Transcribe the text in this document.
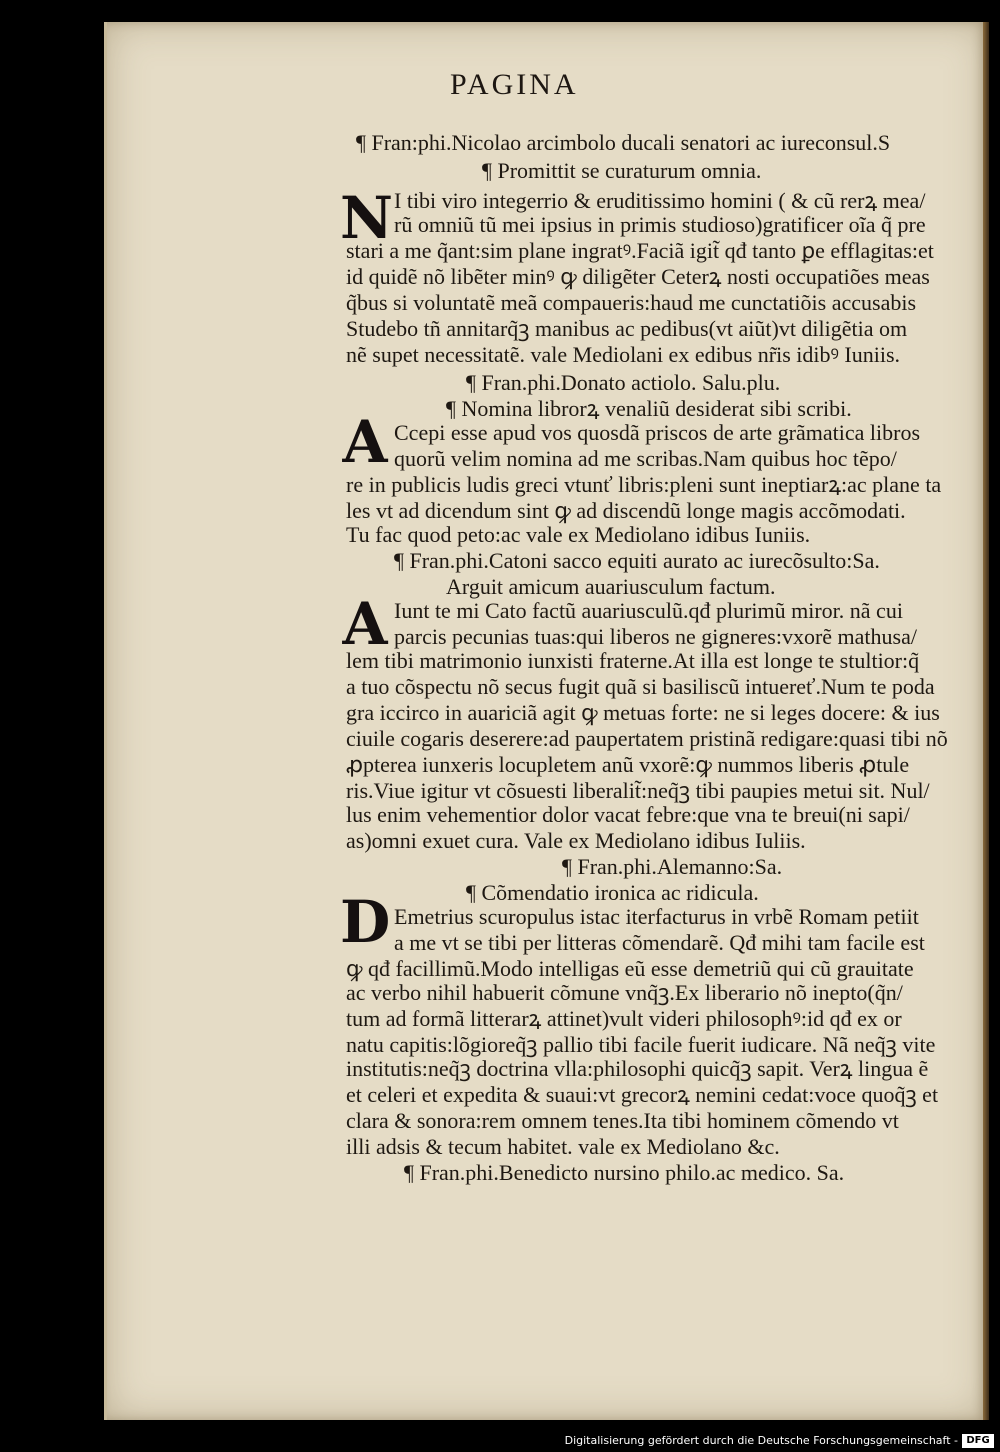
PAGINA
N
A
A
D
¶ Fran:phi.Nicolao arcimbolo ducali senatori ac iureconsul.S
¶ Promittit se curaturum omnia.
I tibi viro integerrio & eruditissimo homini ( & cũ rerꝝ mea/
rũ omniũ tũ mei ipsius in primis studioso)gratificer oĩa q̃ pre
stari a me q̃ant:sim plane ingratꝰ.Faciã igit̃ qđ tanto ꝑe efflagitas:et
id quidẽ nõ libẽter minꝰ ꝙ diligẽter Ceterꝝ nosti occupatiões meas
q̃bus si voluntatẽ meã compaueris:haud me cunctatiõis accusabis
Studebo tñ annitarq̃ꝫ manibus ac pedibus(vt aiũt)vt diligẽtia om
nẽ supet necessitatẽ. vale Mediolani ex edibus nr̃is idibꝰ Iuniis.
¶ Fran.phi.Donato actiolo. Salu.plu.
¶ Nomina librorꝝ venaliũ desiderat sibi scribi.
Ccepi esse apud vos quosdã priscos de arte grãmatica libros
quorũ velim nomina ad me scribas.Nam quibus hoc tẽpo/
re in publicis ludis greci vtunť libris:pleni sunt ineptiarꝝ:ac plane ta
les vt ad dicendum sint ꝙ ad discendũ longe magis accõmodati.
Tu fac quod peto:ac vale ex Mediolano idibus Iuniis.
¶ Fran.phi.Catoni sacco equiti aurato ac iurecõsulto:Sa.
Arguit amicum auariusculum factum.
Iunt te mi Cato factũ auariusculũ.qđ plurimũ miror. nã cui
parcis pecunias tuas:qui liberos ne gigneres:vxorẽ mathusa/
lem tibi matrimonio iunxisti fraterne.At illa est longe te stultior:q̃
a tuo cõspectu nõ secus fugit quã si basiliscũ intuereť.Num te poda
gra iccirco in auariciã agit ꝙ metuas forte: ne si leges docere: & ius
ciuile cogaris deserere:ad paupertatem pristinã redigare:quasi tibi nõ
ꝓpterea iunxeris locupletem anũ vxorẽ:ꝙ nummos liberis ꝓtule
ris.Viue igitur vt cõsuesti liberalit̃:neq̃ꝫ tibi paupies metui sit. Nul/
lus enim vehementior dolor vacat febre:que vna te breui(ni sapi/
as)omni exuet cura. Vale ex Mediolano idibus Iuliis.
¶ Fran.phi.Alemanno:Sa.
¶ Cõmendatio ironica ac ridicula.
Emetrius scuropulus istac iterfacturus in vrbẽ Romam petiit
a me vt se tibi per litteras cõmendarẽ. Qđ mihi tam facile est
ꝙ qđ facillimũ.Modo intelligas eũ esse demetriũ qui cũ grauitate
ac verbo nihil habuerit cõmune vnq̃ꝫ.Ex liberario nõ inepto(q̃n/
tum ad formã litterarꝝ attinet)vult videri philosophꝰ:id qđ ex or
natu capitis:lõgioreq̃ꝫ pallio tibi facile fuerit iudicare. Nã neq̃ꝫ vite
institutis:neq̃ꝫ doctrina vlla:philosophi quicq̃ꝫ sapit. Verꝝ lingua ẽ
et celeri et expedita & suaui:vt grecorꝝ nemini cedat:voce quoq̃ꝫ et
clara & sonora:rem omnem tenes.Ita tibi hominem cõmendo vt
illi adsis & tecum habitet. vale ex Mediolano &c.
¶ Fran.phi.Benedicto nursino philo.ac medico. Sa.
Digitalisierung gefördert durch die Deutsche Forschungsgemeinschaft - DFG
